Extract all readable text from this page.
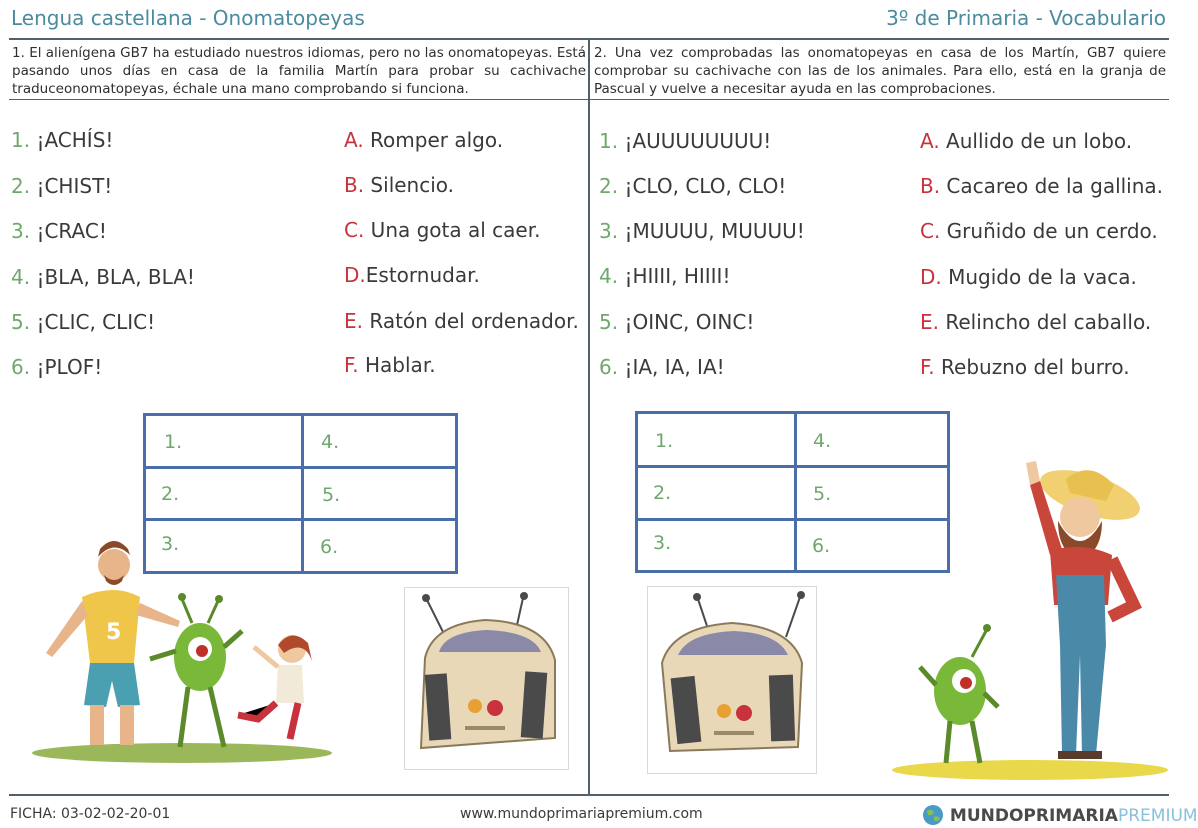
Lengua castellana - Onomatopeyas	3º de Primaria - Vocabulario
1. El alienígena GB7 ha estudiado nuestros idiomas, pero no las onomatopeyas. Está pasando unos días en casa de la familia Martín para probar su cachivache traduceonomatopeyas, échale una mano comprobando si funciona.
2. Una vez comprobadas las onomatopeyas en casa de los Martín, GB7 quiere comprobar su cachivache con las de los animales. Para ello, está en la granja de Pascual y vuelve a necesitar ayuda en las comprobaciones.
1. ¡ACHÍS!
2. ¡CHIST!
3. ¡CRAC!
4. ¡BLA, BLA, BLA!
5. ¡CLIC, CLIC!
6. ¡PLOF!
A. Romper algo.
B. Silencio.
C. Una gota al caer.
D.Estornudar.
E. Ratón del ordenador.
F. Hablar.
1. ¡AUUUUUUUU!
2. ¡CLO, CLO, CLO!
3. ¡MUUUU, MUUUU!
4. ¡HIIII, HIIII!
5. ¡OINC, OINC!
6. ¡IA, IA, IA!
A. Aullido de un lobo.
B. Cacareo de la gallina.
C. Gruñido de un cerdo.
D. Mugido de la vaca.
E. Relincho del caballo.
F. Rebuzno del burro.
1.	4.
2.	5.
3.	6.
1.	4.
2.	5.
3.	6.
5
FICHA: 03-02-02-20-01	www.mundoprimariapremium.com	MUNDOPRIMARIAPREMIUM
